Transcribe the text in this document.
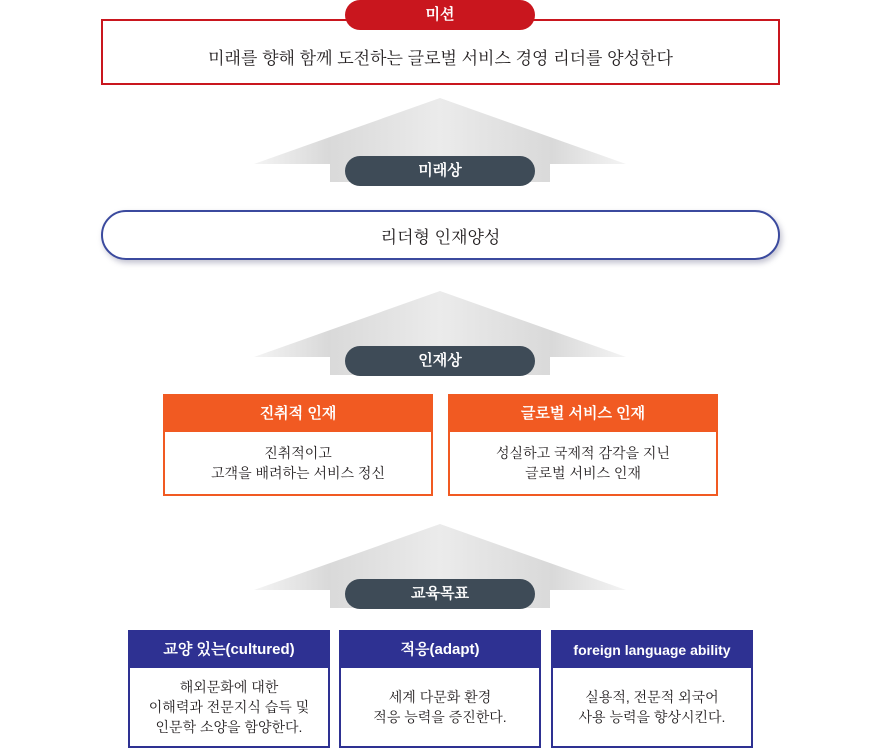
미래를 향해 함께 도전하는 글로벌 서비스 경영 리더를 양성한다
미션
미래상
리더형 인재양성
인재상
진취적 인재
진취적이고
고객을 배려하는 서비스 정신
글로벌 서비스 인재
성실하고 국제적 감각을 지닌
글로벌 서비스 인재
교육목표
교양 있는(cultured)
해외문화에 대한
이해력과 전문지식 습득 및
인문학 소양을 함양한다.
적응(adapt)
세계 다문화 환경
적응 능력을 증진한다.
foreign language ability
실용적, 전문적 외국어
사용 능력을 향상시킨다.
